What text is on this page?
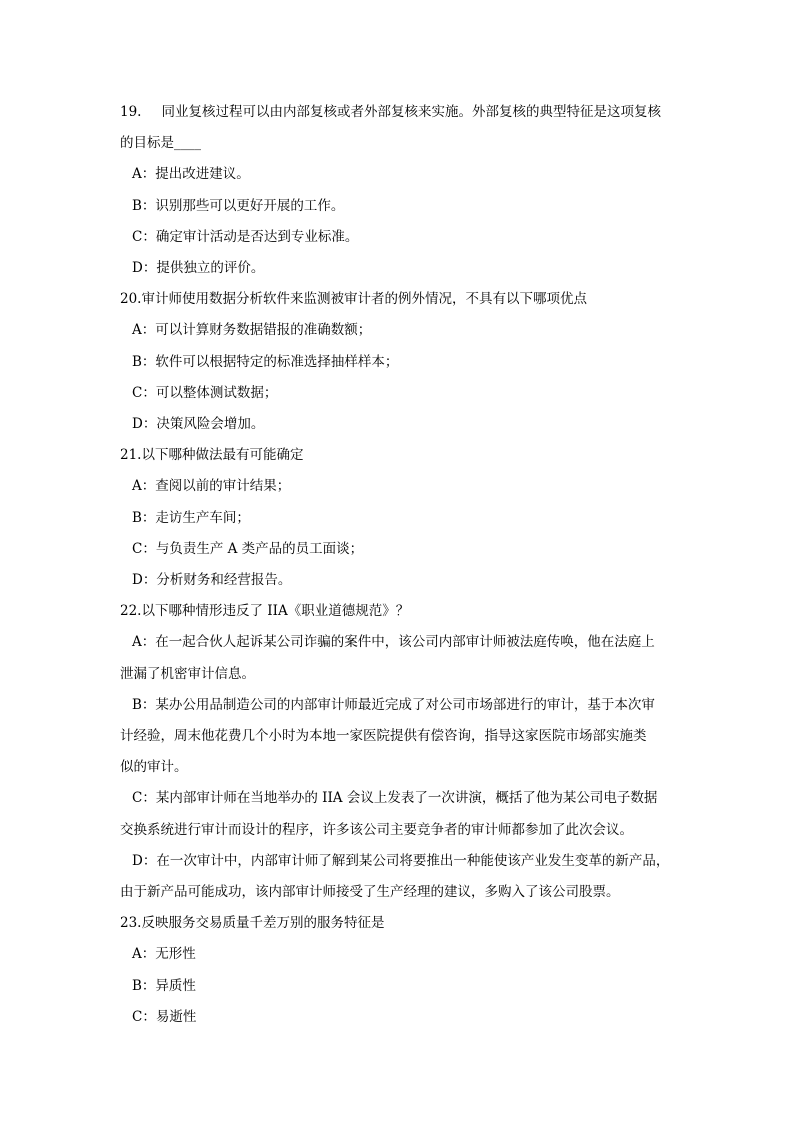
19. 同业复核过程可以由内部复核或者外部复核来实施。外部复核的典型特征是这项复核
的目标是____
A：提出改进建议。
B：识别那些可以更好开展的工作。
C：确定审计活动是否达到专业标准。
D：提供独立的评价。
20.审计师使用数据分析软件来监测被审计者的例外情况，不具有以下哪项优点
A：可以计算财务数据错报的准确数额；
B：软件可以根据特定的标准选择抽样样本；
C：可以整体测试数据；
D：决策风险会增加。
21.以下哪种做法最有可能确定
A：查阅以前的审计结果；
B：走访生产车间；
C：与负责生产 A 类产品的员工面谈；
D：分析财务和经营报告。
22.以下哪种情形违反了 IIA《职业道德规范》？
A：在一起合伙人起诉某公司诈骗的案件中，该公司内部审计师被法庭传唤，他在法庭上
泄漏了机密审计信息。
B：某办公用品制造公司的内部审计师最近完成了对公司市场部进行的审计，基于本次审
计经验，周末他花费几个小时为本地一家医院提供有偿咨询，指导这家医院市场部实施类
似的审计。
C：某内部审计师在当地举办的 IIA 会议上发表了一次讲演，概括了他为某公司电子数据
交换系统进行审计而设计的程序，许多该公司主要竞争者的审计师都参加了此次会议。
D：在一次审计中，内部审计师了解到某公司将要推出一种能使该产业发生变革的新产品，
由于新产品可能成功，该内部审计师接受了生产经理的建议，多购入了该公司股票。
23.反映服务交易质量千差万别的服务特征是
A：无形性
B：异质性
C：易逝性
